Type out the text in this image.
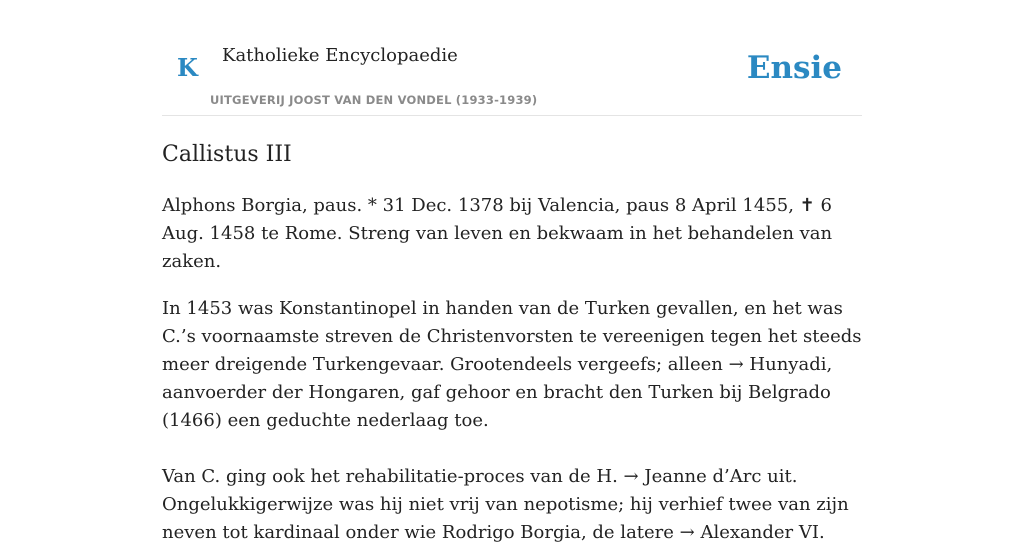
K Katholieke Encyclopaedie
UITGEVERIJ JOOST VAN DEN VONDEL (1933-1939)
Ensie
Callistus III

Alphons Borgia, paus. * 31 Dec. 1378 bij Valencia, paus 8 April 1455, ✝ 6 Aug. 1458 te Rome. Streng van leven en bekwaam in het behandelen van zaken.

In 1453 was Konstantinopel in handen van de Turken gevallen, en het was C.’s voornaamste streven de Christenvorsten te vereenigen tegen het steeds meer dreigende Turkengevaar. Grootendeels vergeefs; alleen → Hunyadi, aanvoerder der Hongaren, gaf gehoor en bracht den Turken bij Belgrado (1466) een geduchte nederlaag toe.

Van C. ging ook het rehabilitatie-proces van de H. → Jeanne d’Arc uit. Ongelukkigerwijze was hij niet vrij van nepotisme; hij verhief twee van zijn neven tot kardinaal onder wie Rodrigo Borgia, de latere → Alexander VI.
